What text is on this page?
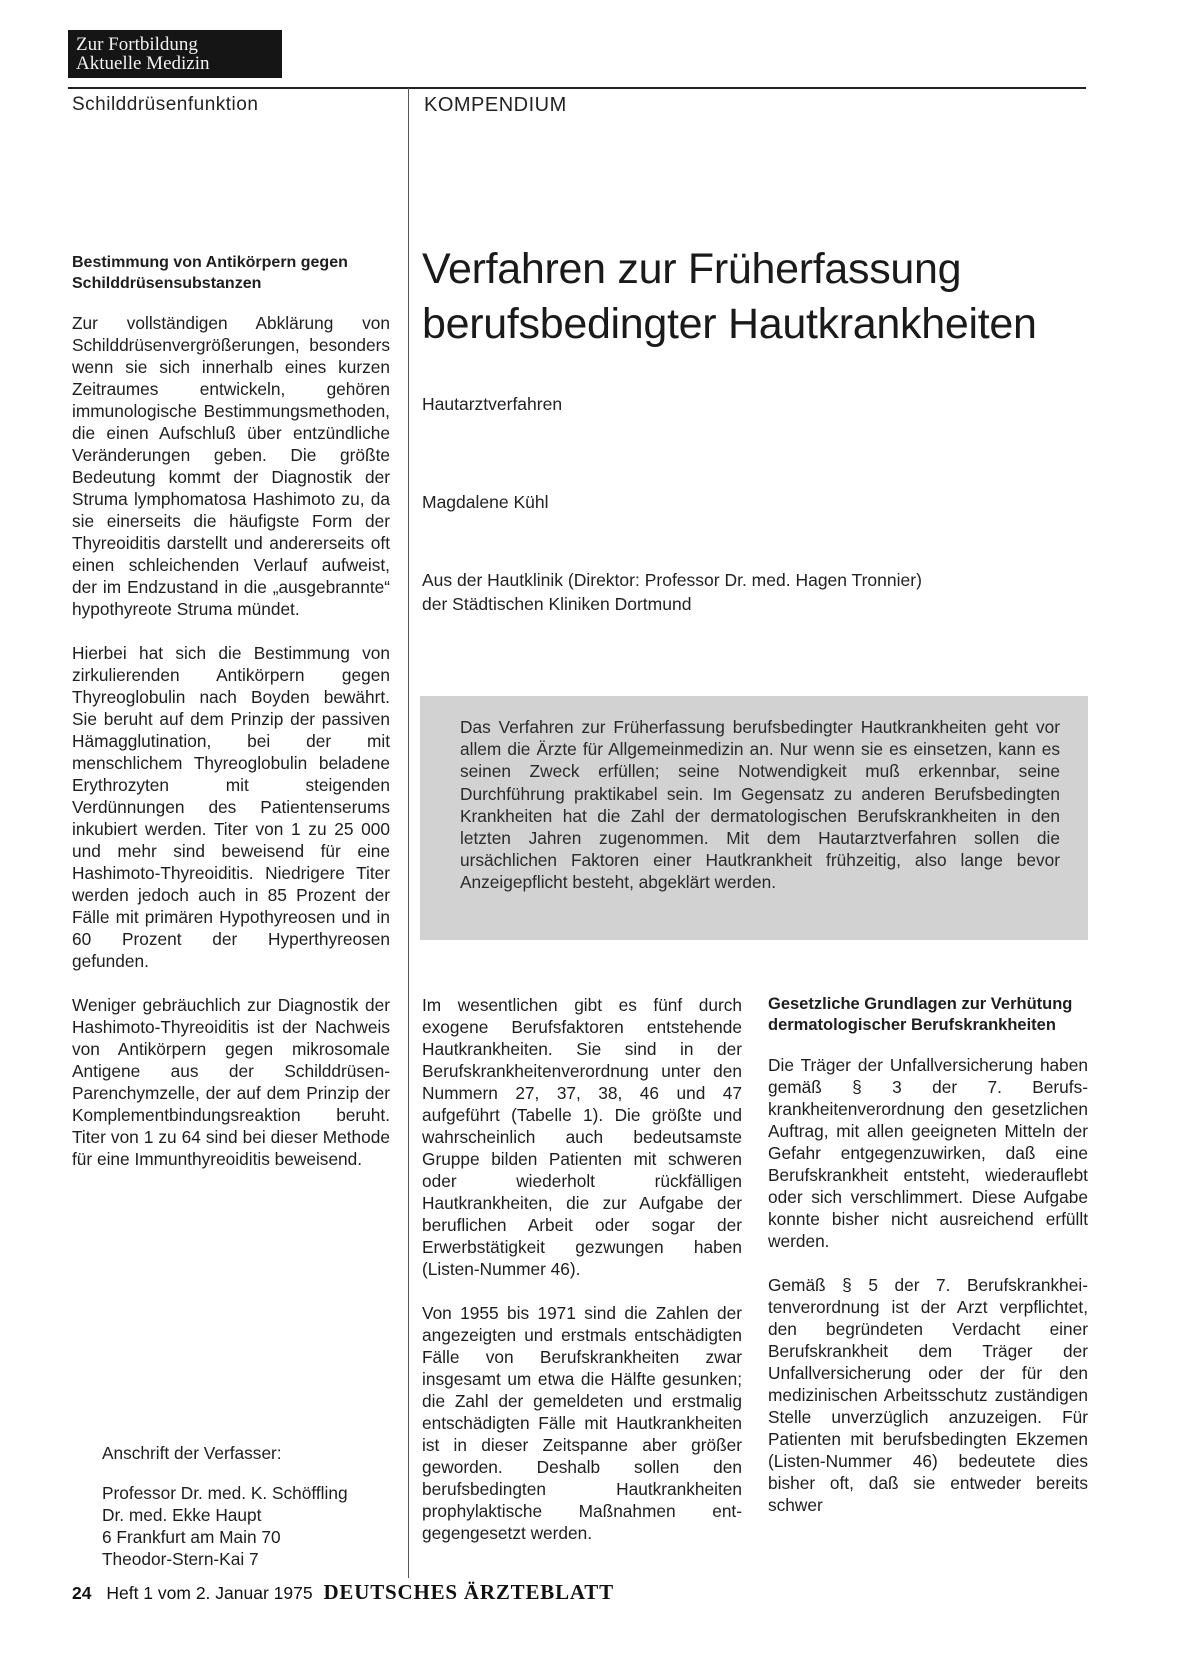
Zur Fortbildung
Aktuelle Medizin
Schilddrüsenfunktion	KOMPENDIUM
Bestimmung von Antikörpern gegen Schilddrüsensubstanzen

Zur vollständigen Abklärung von Schilddrüsenvergrößerungen, besonders wenn sie sich innerhalb eines kurzen Zeitraumes entwickeln, gehören immunologische Bestimmungsmethoden, die einen Aufschluß über entzündliche Veränderungen geben. Die größte Bedeutung kommt der Diagnostik der Struma lymphomatosa Hashimoto zu, da sie einerseits die häufigste Form der Thyreoiditis darstellt und andererseits oft einen schleichenden Verlauf aufweist, der im Endzustand in die „ausgebrannte“ hypothyreote Struma mündet.

Hierbei hat sich die Bestimmung von zirkulierenden Antikörpern gegen Thyreoglobulin nach Boyden bewährt. Sie beruht auf dem Prinzip der passiven Hämagglutination, bei der mit menschlichem Thyreoglobulin beladene Erythrozyten mit steigenden Verdünnungen des Patientenserums inkubiert werden. Titer von 1 zu 25 000 und mehr sind beweisend für eine Hashimoto-Thyreoiditis. Niedrigere Titer werden jedoch auch in 85 Prozent der Fälle mit primären Hypothyreosen und in 60 Prozent der Hyperthyreosen gefunden.

Weniger gebräuchlich zur Diagnostik der Hashimoto-Thyreoiditis ist der Nachweis von Antikörpern gegen mikrosomale Antigene aus der Schilddrüsen-Parenchymzelle, der auf dem Prinzip der Komplementbindungsreaktion beruht. Titer von 1 zu 64 sind bei dieser Methode für eine Immunthyreoiditis beweisend.

Anschrift der Verfasser:
Professor Dr. med. K. Schöffling
Dr. med. Ekke Haupt
6 Frankfurt am Main 70
Theodor-Stern-Kai 7
Verfahren zur Früherfassung
berufsbedingter Hautkrankheiten
Hautarztverfahren
Magdalene Kühl
Aus der Hautklinik (Direktor: Professor Dr. med. Hagen Tronnier)
der Städtischen Kliniken Dortmund

Das Verfahren zur Früherfassung berufsbedingter Hautkrankheiten geht vor allem die Ärzte für Allgemeinmedizin an. Nur wenn sie es einsetzen, kann es seinen Zweck erfüllen; seine Notwendigkeit muß erkennbar, seine Durchführung praktikabel sein. Im Gegensatz zu anderen Berufsbedingten Krankheiten hat die Zahl der dermatologischen Berufskrankheiten in den letzten Jahren zugenommen. Mit dem Hautarztverfahren sollen die ursächlichen Faktoren einer Hautkrankheit frühzeitig, also lange bevor Anzeigepflicht besteht, abgeklärt werden.

Im wesentlichen gibt es fünf durch exogene Berufsfaktoren entstehende Hautkrankheiten. Sie sind in der Berufskrankheitenverordnung unter den Nummern 27, 37, 38, 46 und 47 aufgeführt (Tabelle 1). Die größte und wahrscheinlich auch bedeutsamste Gruppe bilden Patienten mit schweren oder wiederholt rückfälligen Hautkrankheiten, die zur Aufgabe der beruflichen Arbeit oder sogar der Erwerbstätigkeit gezwungen haben (Listen-Nummer 46).

Von 1955 bis 1971 sind die Zahlen der angezeigten und erstmals entschädigten Fälle von Berufskrankheiten zwar insgesamt um etwa die Hälfte gesunken; die Zahl der gemeldeten und erstmalig entschädigten Fälle mit Hautkrankheiten ist in dieser Zeitspanne aber größer geworden. Deshalb sollen den berufsbedingten Hautkrankheiten prophylaktische Maßnahmen entgegengesetzt werden.

Gesetzliche Grundlagen zur Verhütung dermatologischer Berufskrankheiten

Die Träger der Unfallversicherung haben gemäß § 3 der 7. Berufskrankheitenverordnung den gesetzlichen Auftrag, mit allen geeigneten Mitteln der Gefahr entgegenzuwirken, daß eine Berufskrankheit entsteht, wiederauflebt oder sich verschlimmert. Diese Aufgabe konnte bisher nicht ausreichend erfüllt werden.

Gemäß § 5 der 7. Berufskrankheitenverordnung ist der Arzt verpflichtet, den begründeten Verdacht einer Berufskrankheit dem Träger der Unfallversicherung oder der für den medizinischen Arbeitsschutz zuständigen Stelle unverzüglich anzuzeigen. Für Patienten mit berufsbedingten Ekzemen (Listen-Nummer 46) bedeutete dies bisher oft, daß sie entweder bereits schwer

24 Heft 1 vom 2. Januar 1975 DEUTSCHES ÄRZTEBLATT
